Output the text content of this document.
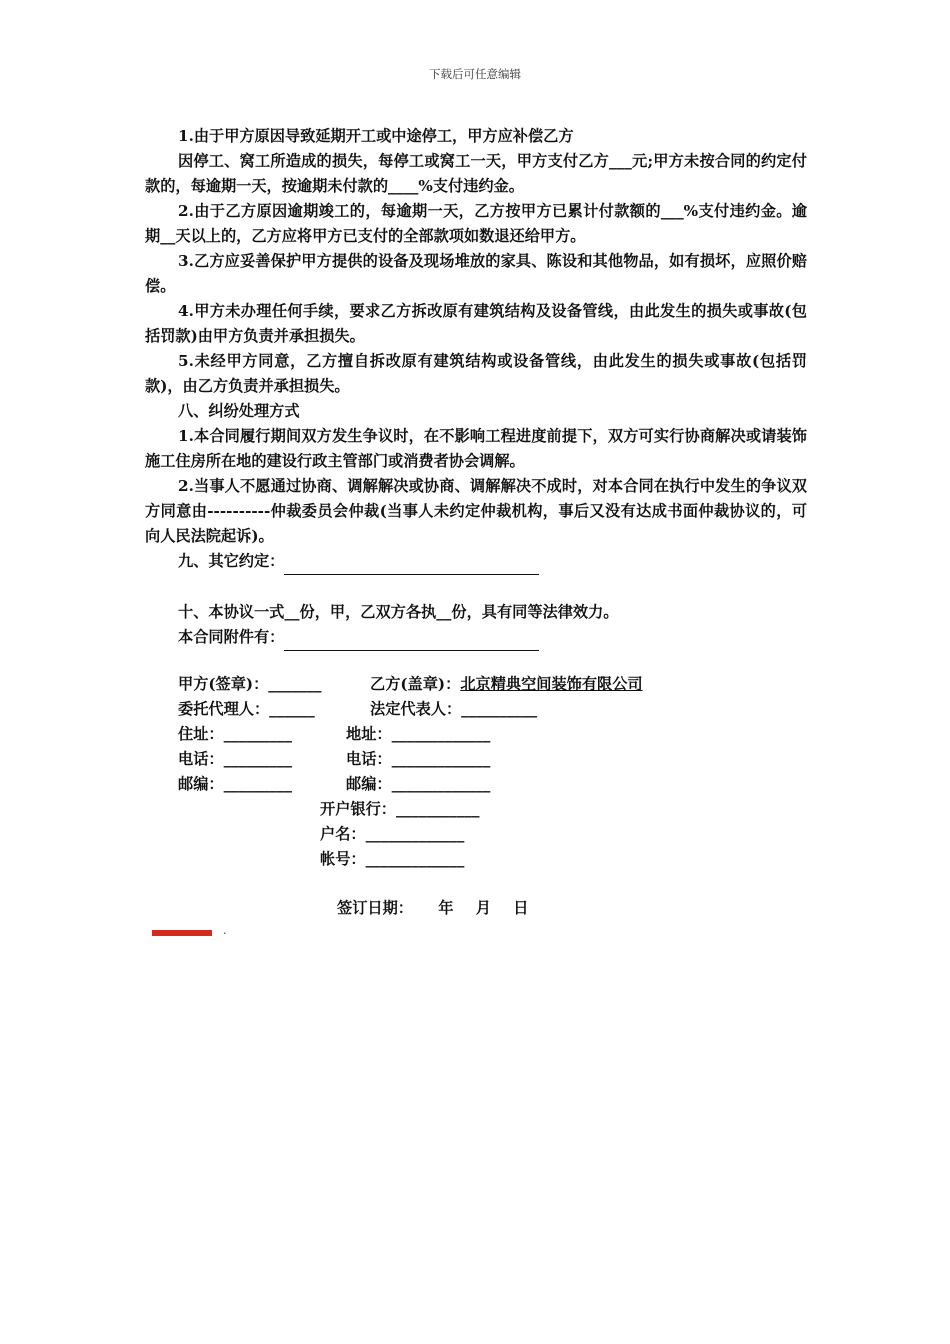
下载后可任意编辑

1.由于甲方原因导致延期开工或中途停工，甲方应补偿乙方

因停工、窝工所造成的损失，每停工或窝工一天，甲方支付乙方___元;甲方未按合同的约定付款的，每逾期一天，按逾期未付款的____%支付违约金。

2.由于乙方原因逾期竣工的，每逾期一天，乙方按甲方已累计付款额的___%支付违约金。逾期__天以上的，乙方应将甲方已支付的全部款项如数退还给甲方。

3.乙方应妥善保护甲方提供的设备及现场堆放的家具、陈设和其他物品，如有损坏，应照价赔偿。

4.甲方未办理任何手续，要求乙方拆改原有建筑结构及设备管线，由此发生的损失或事故(包括罚款)由甲方负责并承担损失。

5.未经甲方同意，乙方擅自拆改原有建筑结构或设备管线，由此发生的损失或事故(包括罚款)，由乙方负责并承担损失。

八、纠纷处理方式

1.本合同履行期间双方发生争议时，在不影响工程进度前提下，双方可实行协商解决或请装饰施工住房所在地的建设行政主管部门或消费者协会调解。

2.当事人不愿通过协商、调解解决或协商、调解解决不成时，对本合同在执行中发生的争议双方同意由----------仲裁委员会仲裁(当事人未约定仲裁机构，事后又没有达成书面仲裁协议的，可向人民法院起诉)。

九、其它约定：

十、本协议一式__份，甲，乙双方各执__份，具有同等法律效力。

本合同附件有：

甲方(签章)：_______	乙方(盖章)：北京精典空间装饰有限公司
委托代理人：______	法定代表人：__________
住址：_________	地址：_____________
电话：_________	电话：_____________
邮编：_________	邮编：_____________
开户银行：___________
户名：_____________
帐号：_____________
签订日期： 年 月 日
.
